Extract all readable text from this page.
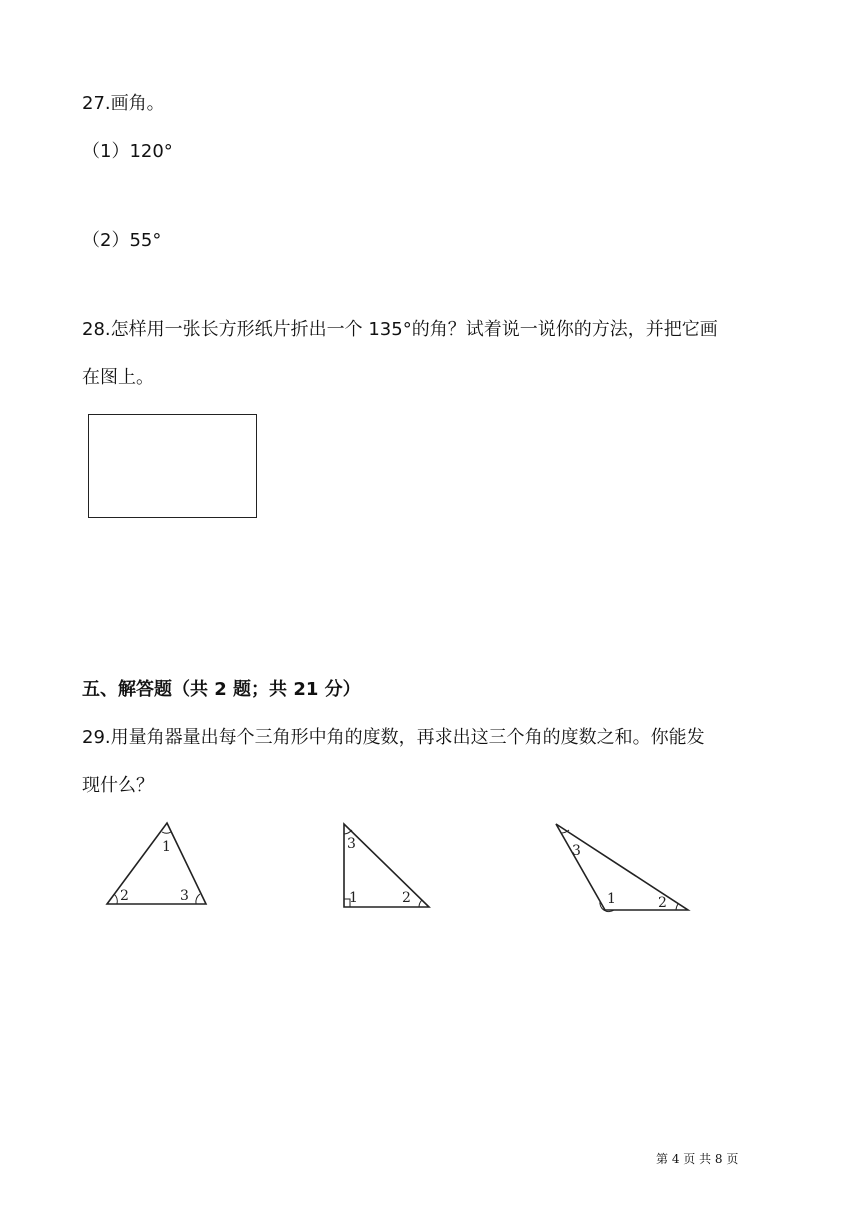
27.画角。
（1）120°
（2）55°
28.怎样用一张长方形纸片折出一个 135°的角？试着说一说你的方法，并把它画
在图上。
五、解答题（共 2 题；共 21 分）
29.用量角器量出每个三角形中角的度数，再求出这三个角的度数之和。你能发
现什么？
1
2	3
3
1	2
3
1	2
第 4 页 共 8 页
